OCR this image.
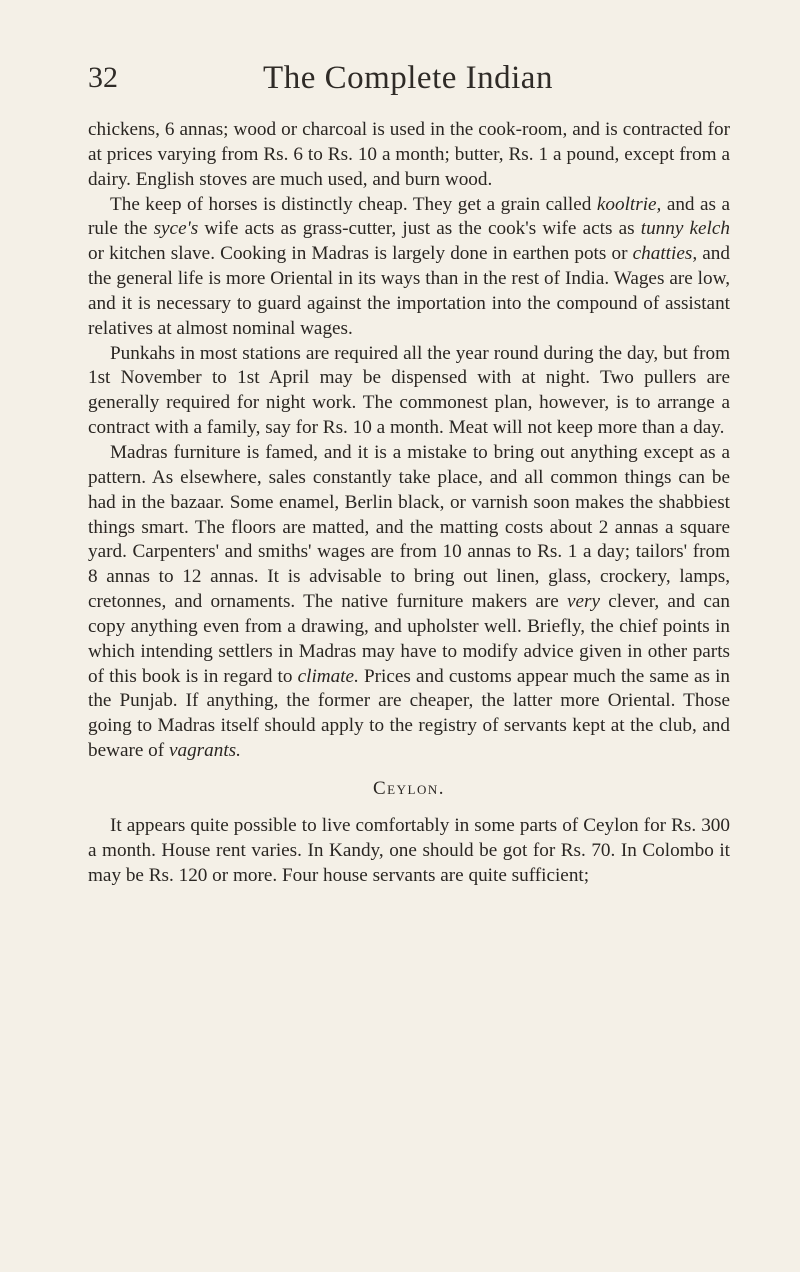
32	The Complete Indian

chickens, 6 annas; wood or charcoal is used in the cook-room, and is contracted for at prices varying from Rs. 6 to Rs. 10 a month; butter, Rs. 1 a pound, except from a dairy. English stoves are much used, and burn wood.

The keep of horses is distinctly cheap. They get a grain called kooltrie, and as a rule the syce's wife acts as grass-cutter, just as the cook's wife acts as tunny kelch or kitchen slave. Cooking in Madras is largely done in earthen pots or chatties, and the general life is more Oriental in its ways than in the rest of India. Wages are low, and it is necessary to guard against the importation into the compound of assistant relatives at almost nominal wages.

Punkahs in most stations are required all the year round during the day, but from 1st November to 1st April may be dispensed with at night. Two pullers are generally required for night work. The commonest plan, however, is to arrange a contract with a family, say for Rs. 10 a month. Meat will not keep more than a day.

Madras furniture is famed, and it is a mistake to bring out anything except as a pattern. As elsewhere, sales constantly take place, and all common things can be had in the bazaar. Some enamel, Berlin black, or varnish soon makes the shabbiest things smart. The floors are matted, and the matting costs about 2 annas a square yard. Carpenters' and smiths' wages are from 10 annas to Rs. 1 a day; tailors' from 8 annas to 12 annas. It is advisable to bring out linen, glass, crockery, lamps, cretonnes, and ornaments. The native furniture makers are very clever, and can copy anything even from a drawing, and upholster well. Briefly, the chief points in which intending settlers in Madras may have to modify advice given in other parts of this book is in regard to climate. Prices and customs appear much the same as in the Punjab. If anything, the former are cheaper, the latter more Oriental. Those going to Madras itself should apply to the registry of servants kept at the club, and beware of vagrants.

Ceylon.

It appears quite possible to live comfortably in some parts of Ceylon for Rs. 300 a month. House rent varies. In Kandy, one should be got for Rs. 70. In Colombo it may be Rs. 120 or more. Four house servants are quite sufficient;
